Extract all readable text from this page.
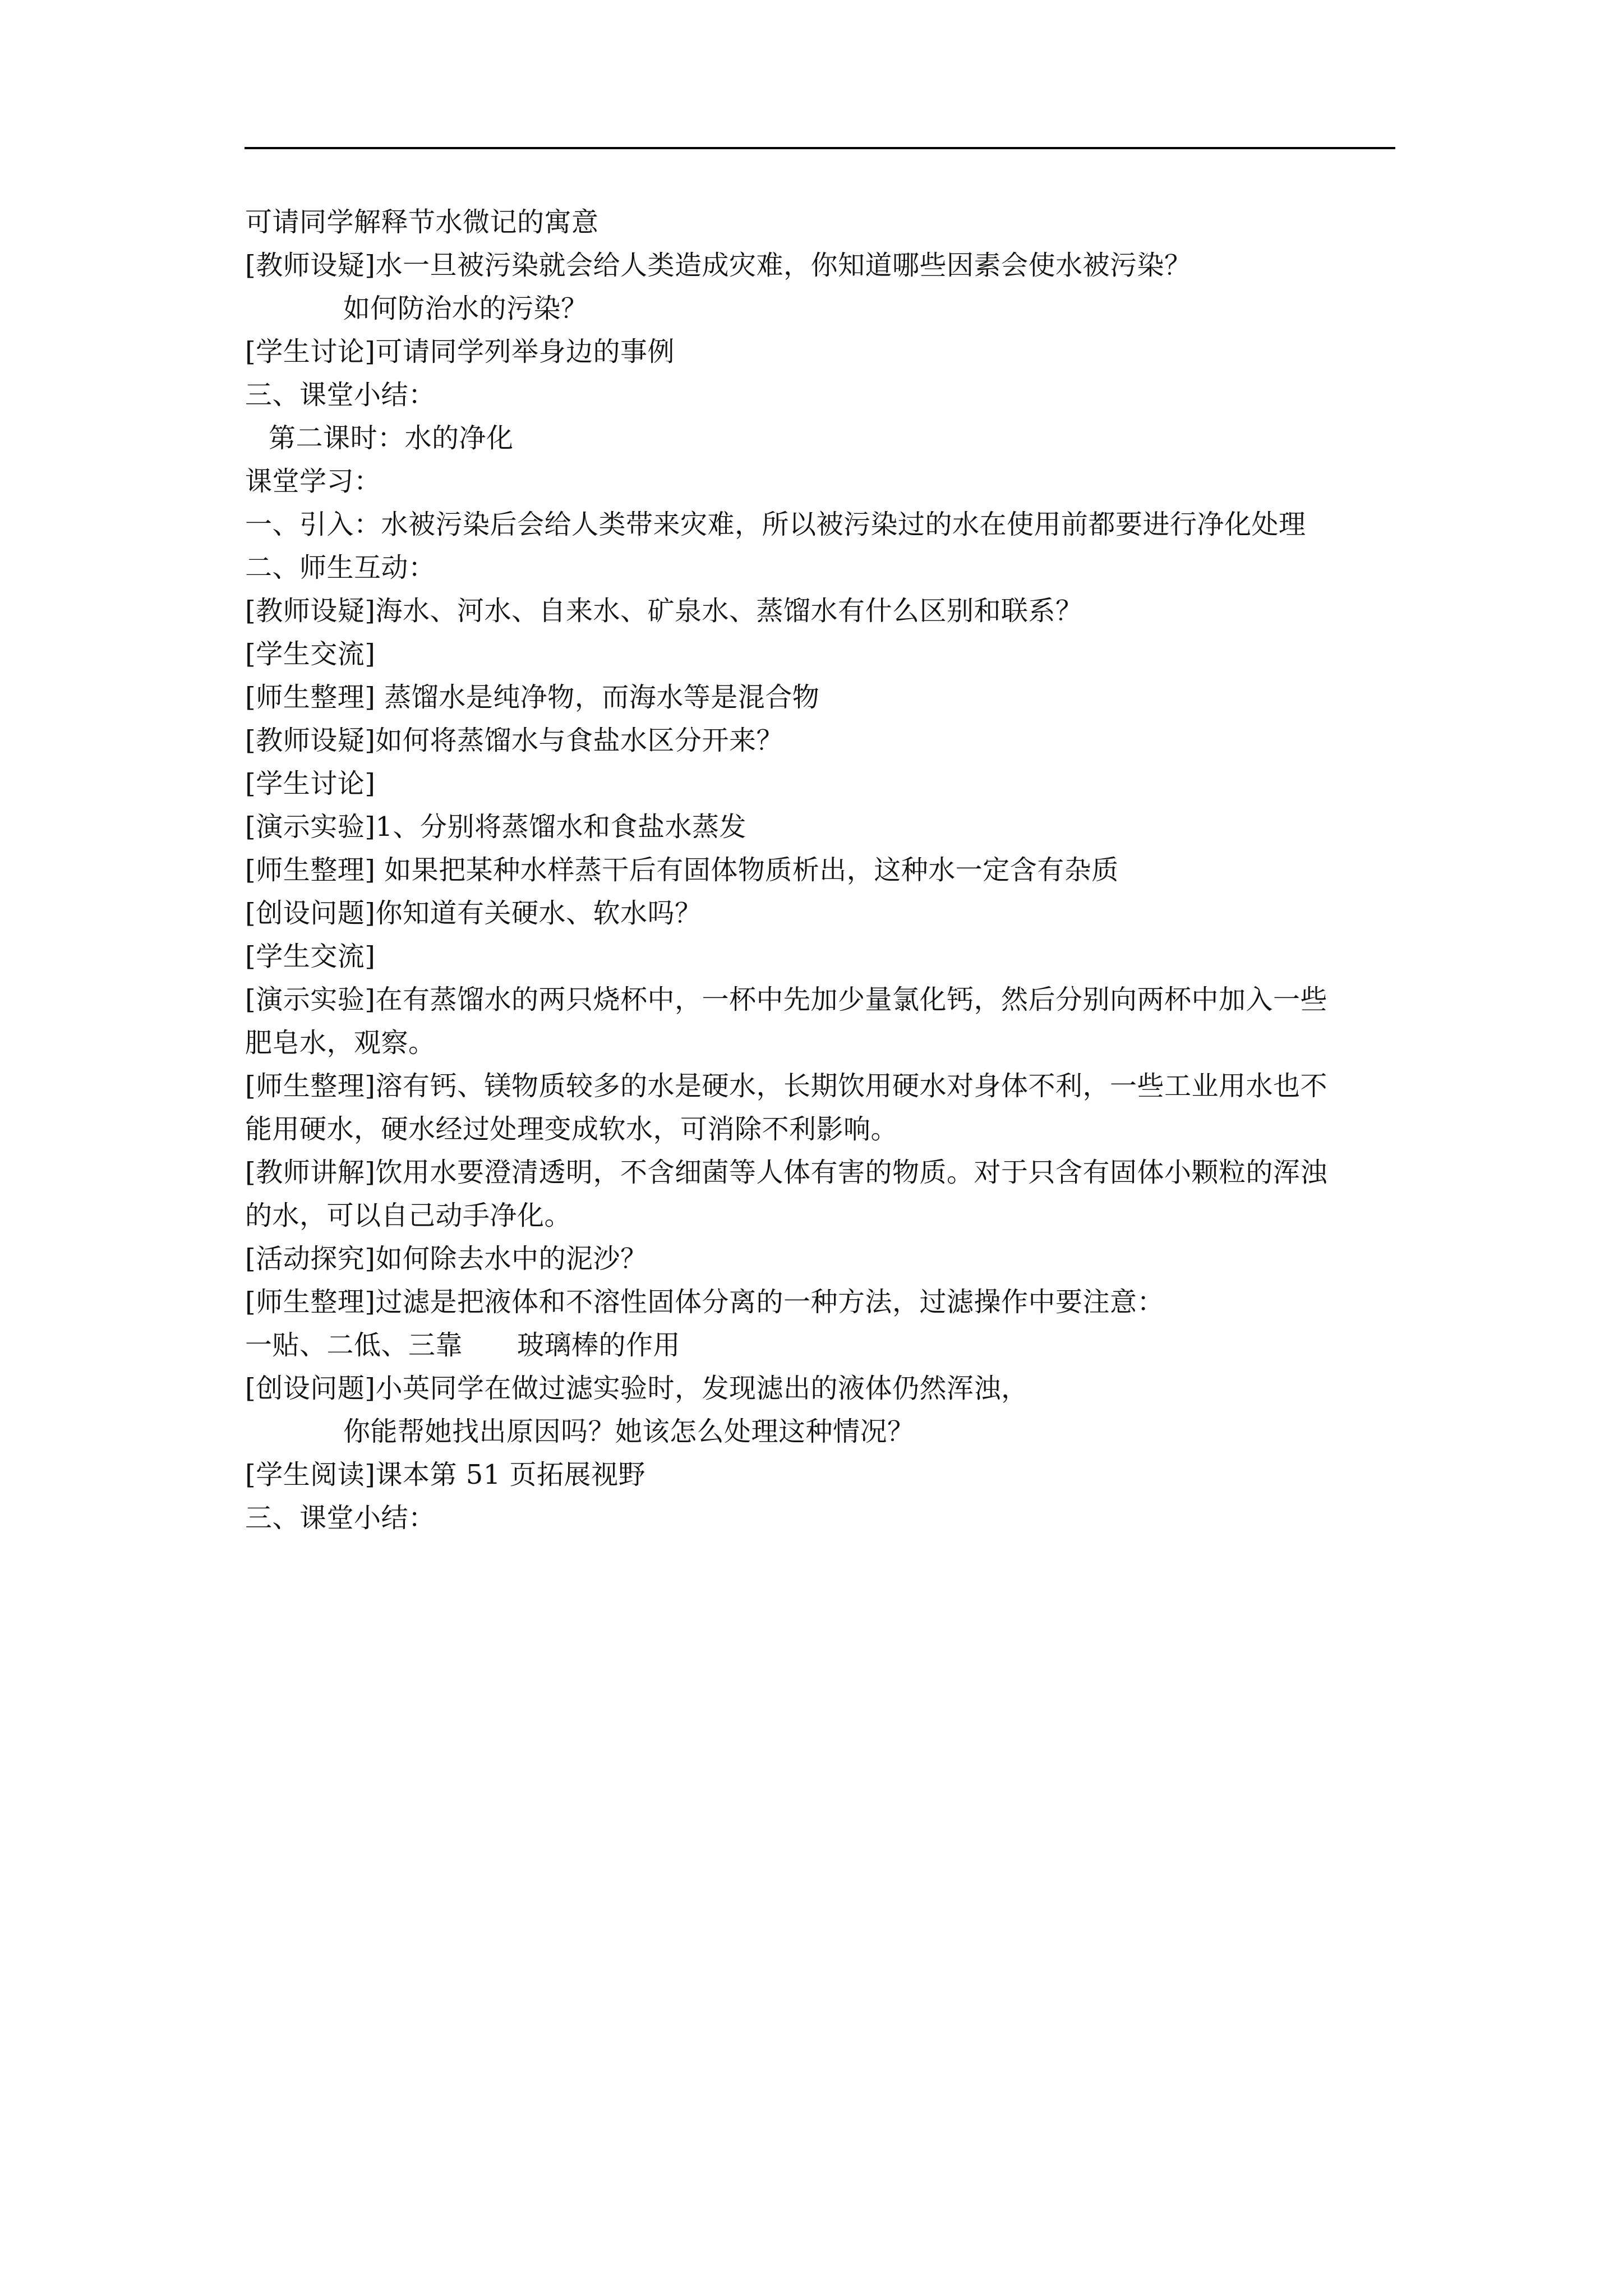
可请同学解释节水微记的寓意
[教师设疑]水一旦被污染就会给人类造成灾难，你知道哪些因素会使水被污染？
如何防治水的污染？
[学生讨论]可请同学列举身边的事例
三、课堂小结：
第二课时：水的净化
课堂学习：
一、引入：水被污染后会给人类带来灾难，所以被污染过的水在使用前都要进行净化处理
二、师生互动：
[教师设疑]海水、河水、自来水、矿泉水、蒸馏水有什么区别和联系？
[学生交流]
[师生整理] 蒸馏水是纯净物，而海水等是混合物
[教师设疑]如何将蒸馏水与食盐水区分开来？
[学生讨论]
[演示实验]1、分别将蒸馏水和食盐水蒸发
[师生整理] 如果把某种水样蒸干后有固体物质析出，这种水一定含有杂质
[创设问题]你知道有关硬水、软水吗？
[学生交流]
[演示实验]在有蒸馏水的两只烧杯中，一杯中先加少量氯化钙，然后分别向两杯中加入一些
肥皂水，观察。
[师生整理]溶有钙、镁物质较多的水是硬水，长期饮用硬水对身体不利，一些工业用水也不
能用硬水，硬水经过处理变成软水，可消除不利影响。
[教师讲解]饮用水要澄清透明，不含细菌等人体有害的物质。对于只含有固体小颗粒的浑浊
的水，可以自己动手净化。
[活动探究]如何除去水中的泥沙？
[师生整理]过滤是把液体和不溶性固体分离的一种方法，过滤操作中要注意：
一贴、二低、三靠　　玻璃棒的作用
[创设问题]小英同学在做过滤实验时，发现滤出的液体仍然浑浊，
你能帮她找出原因吗？她该怎么处理这种情况？
[学生阅读]课本第 51 页拓展视野
三、课堂小结：
